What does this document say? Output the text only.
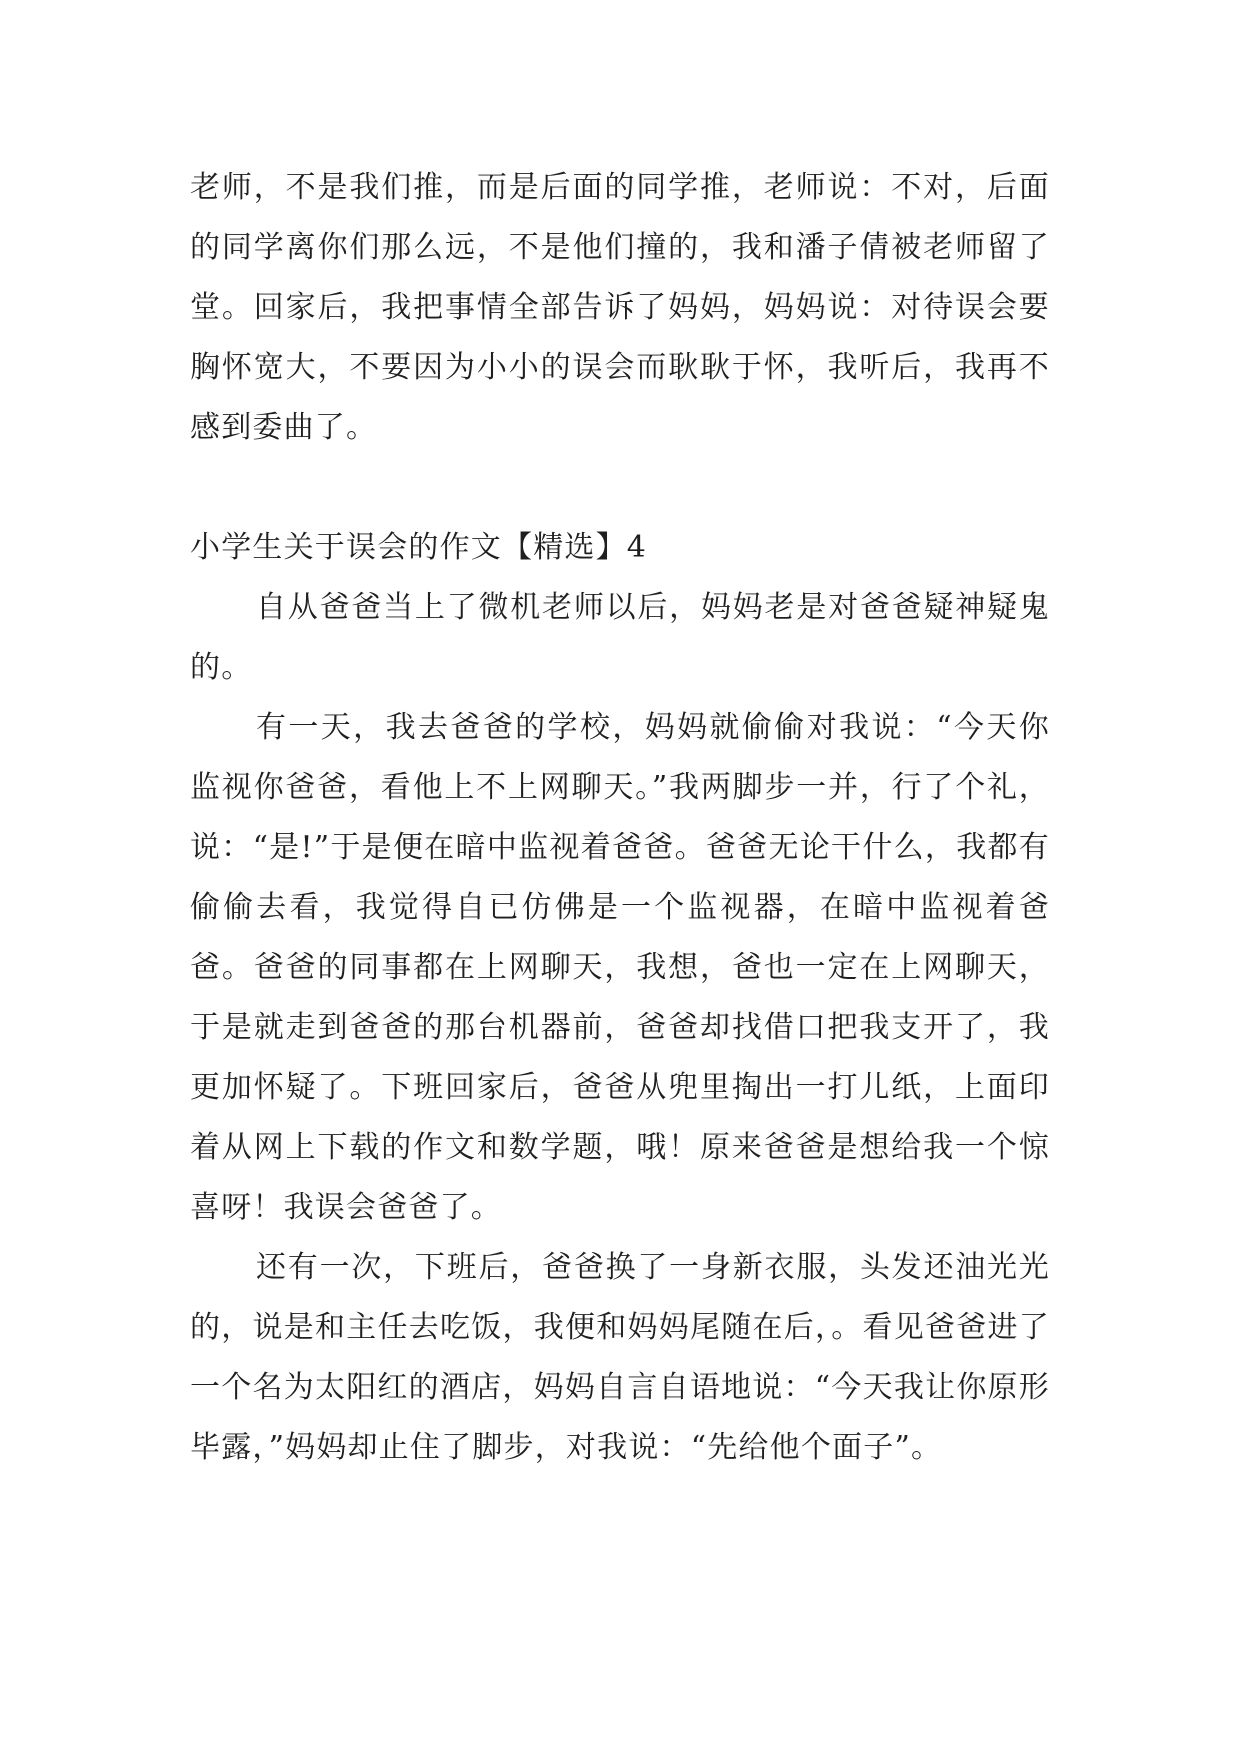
老师，不是我们推，而是后面的同学推，老师说：不对，后面的同学离你们那么远，不是他们撞的，我和潘子倩被老师留了堂。回家后，我把事情全部告诉了妈妈，妈妈说：对待误会要胸怀宽大，不要因为小小的误会而耿耿于怀，我听后，我再不感到委曲了。

小学生关于误会的作文【精选】4

自从爸爸当上了微机老师以后，妈妈老是对爸爸疑神疑鬼的。

有一天，我去爸爸的学校，妈妈就偷偷对我说：“今天你监视你爸爸，看他上不上网聊天。”我两脚步一并，行了个礼，说：“是!”于是便在暗中监视着爸爸。爸爸无论干什么，我都有偷偷去看，我觉得自已仿佛是一个监视器，在暗中监视着爸爸。爸爸的同事都在上网聊天，我想，爸也一定在上网聊天，于是就走到爸爸的那台机器前，爸爸却找借口把我支开了，我更加怀疑了。下班回家后，爸爸从兜里掏出一打儿纸，上面印着从网上下载的作文和数学题，哦！原来爸爸是想给我一个惊喜呀！我误会爸爸了。

还有一次，下班后，爸爸换了一身新衣服，头发还油光光的，说是和主任去吃饭，我便和妈妈尾随在后，。看见爸爸进了一个名为太阳红的酒店，妈妈自言自语地说：“今天我让你原形毕露，”妈妈却止住了脚步，对我说：“先给他个面子”。
